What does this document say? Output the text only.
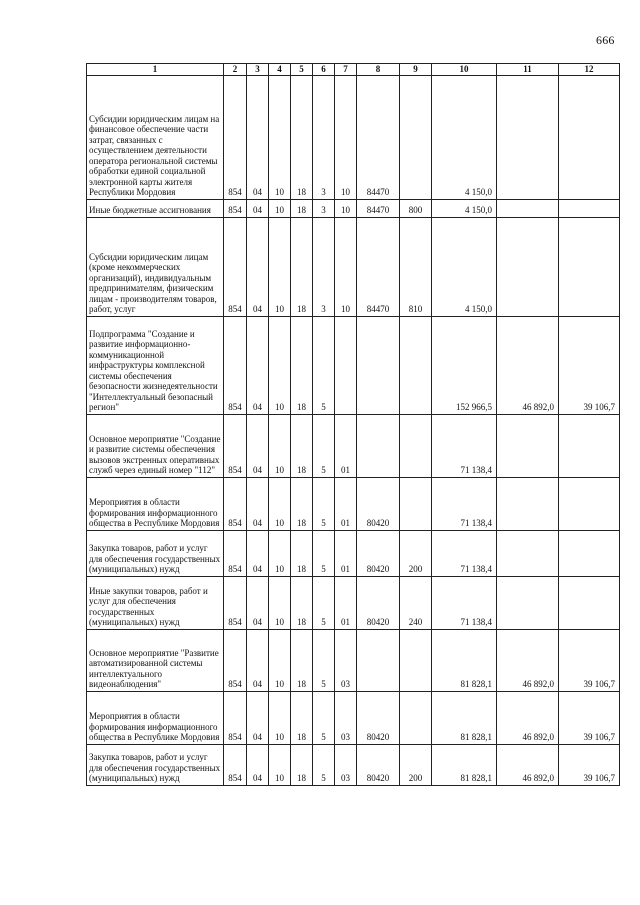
666
1	2	3	4	5	6	7	8	9	10	11	12
Субсидии юридическим лицам на финансовое обеспечение части затрат, связанных с осуществлением деятельности оператора региональной системы обработки единой социальной электронной карты жителя Республики Мордовия	854	04	10	18	3	10	84470		4 150,0		
Иные бюджетные ассигнования	854	04	10	18	3	10	84470	800	4 150,0		
Субсидии юридическим лицам (кроме некоммерческих организаций), индивидуальным предпринимателям, физическим лицам - производителям товаров, работ, услуг	854	04	10	18	3	10	84470	810	4 150,0		
Подпрограмма "Создание и развитие информационно-коммуникационной инфраструктуры комплексной системы обеспечения безопасности жизнедеятельности "Интеллектуальный безопасный регион"	854	04	10	18	5				152 966,5	46 892,0	39 106,7
Основное мероприятие "Создание и развитие системы обеспечения вызовов экстренных оперативных служб через единый номер "112"	854	04	10	18	5	01			71 138,4		
Мероприятия в области формирования информационного общества в Республике Мордовия	854	04	10	18	5	01	80420		71 138,4		
Закупка товаров, работ и услуг для обеспечения государственных (муниципальных) нужд	854	04	10	18	5	01	80420	200	71 138,4		
Иные закупки товаров, работ и услуг для обеспечения государственных (муниципальных) нужд	854	04	10	18	5	01	80420	240	71 138,4		
Основное мероприятие "Развитие автоматизированной системы интеллектуального видеонаблюдения"	854	04	10	18	5	03			81 828,1	46 892,0	39 106,7
Мероприятия в области формирования информационного общества в Республике Мордовия	854	04	10	18	5	03	80420		81 828,1	46 892,0	39 106,7
Закупка товаров, работ и услуг для обеспечения государственных (муниципальных) нужд	854	04	10	18	5	03	80420	200	81 828,1	46 892,0	39 106,7
